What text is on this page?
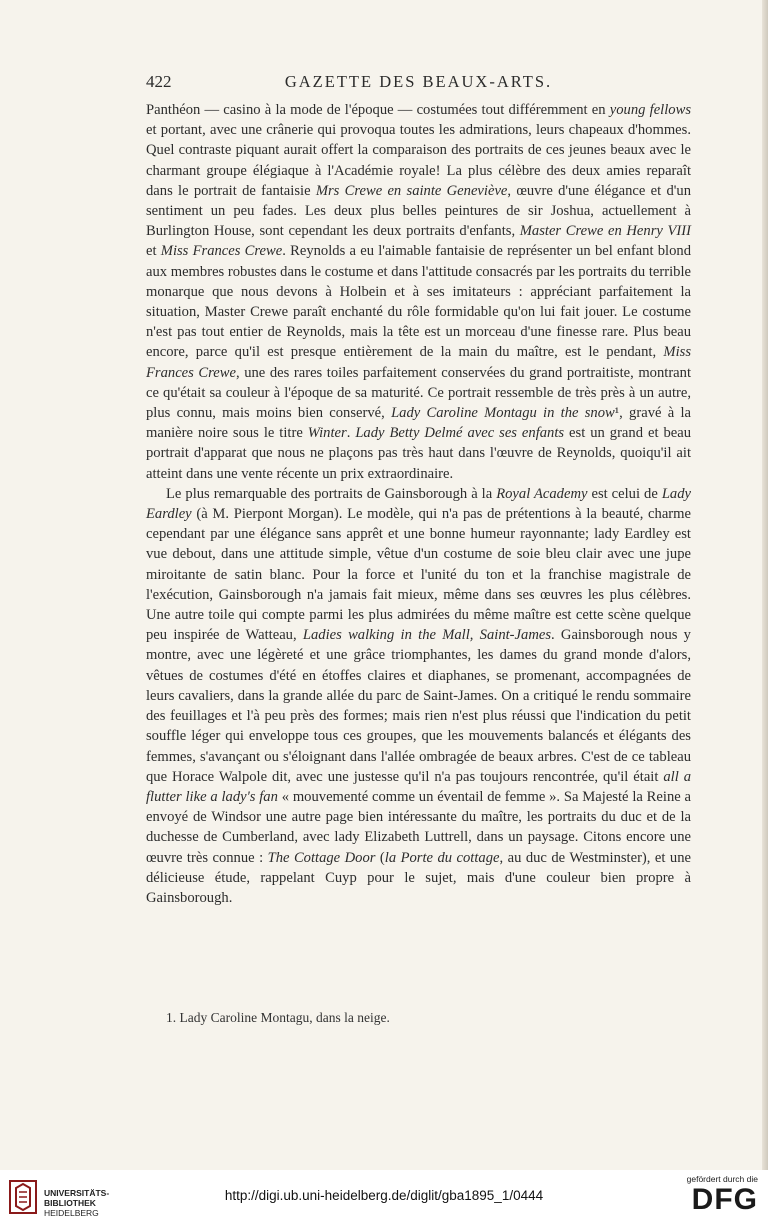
422	GAZETTE DES BEAUX-ARTS.

Panthéon — casino à la mode de l'époque — costumées tout différemment en young fellows et portant, avec une crânerie qui provoqua toutes les admirations, leurs chapeaux d'hommes. Quel contraste piquant aurait offert la comparaison des portraits de ces jeunes beaux avec le charmant groupe élégiaque à l'Académie royale! La plus célèbre des deux amies reparaît dans le portrait de fantaisie Mrs Crewe en sainte Geneviève, œuvre d'une élégance et d'un sentiment un peu fades. Les deux plus belles peintures de sir Joshua, actuellement à Burlington House, sont cependant les deux portraits d'enfants, Master Crewe en Henry VIII et Miss Frances Crewe. Reynolds a eu l'aimable fantaisie de représenter un bel enfant blond aux membres robustes dans le costume et dans l'attitude consacrés par les portraits du terrible monarque que nous devons à Holbein et à ses imitateurs : appréciant parfaitement la situation, Master Crewe paraît enchanté du rôle formidable qu'on lui fait jouer. Le costume n'est pas tout entier de Reynolds, mais la tête est un morceau d'une finesse rare. Plus beau encore, parce qu'il est presque entièrement de la main du maître, est le pendant, Miss Frances Crewe, une des rares toiles parfaitement conservées du grand portraitiste, montrant ce qu'était sa couleur à l'époque de sa maturité. Ce portrait ressemble de très près à un autre, plus connu, mais moins bien conservé, Lady Caroline Montagu in the snow¹, gravé à la manière noire sous le titre Winter. Lady Betty Delmé avec ses enfants est un grand et beau portrait d'apparat que nous ne plaçons pas très haut dans l'œuvre de Reynolds, quoiqu'il ait atteint dans une vente récente un prix extraordinaire.

Le plus remarquable des portraits de Gainsborough à la Royal Academy est celui de Lady Eardley (à M. Pierpont Morgan). Le modèle, qui n'a pas de prétentions à la beauté, charme cependant par une élégance sans apprêt et une bonne humeur rayonnante; lady Eardley est vue debout, dans une attitude simple, vêtue d'un costume de soie bleu clair avec une jupe miroitante de satin blanc. Pour la force et l'unité du ton et la franchise magistrale de l'exécution, Gainsborough n'a jamais fait mieux, même dans ses œuvres les plus célèbres. Une autre toile qui compte parmi les plus admirées du même maître est cette scène quelque peu inspirée de Watteau, Ladies walking in the Mall, Saint-James. Gainsborough nous y montre, avec une légèreté et une grâce triomphantes, les dames du grand monde d'alors, vêtues de costumes d'été en étoffes claires et diaphanes, se promenant, accompagnées de leurs cavaliers, dans la grande allée du parc de Saint-James. On a critiqué le rendu sommaire des feuillages et l'à peu près des formes; mais rien n'est plus réussi que l'indication du petit souffle léger qui enveloppe tous ces groupes, que les mouvements balancés et élégants des femmes, s'avançant ou s'éloignant dans l'allée ombragée de beaux arbres. C'est de ce tableau que Horace Walpole dit, avec une justesse qu'il n'a pas toujours rencontrée, qu'il était all a flutter like a lady's fan « mouvementé comme un éventail de femme ». Sa Majesté la Reine a envoyé de Windsor une autre page bien intéressante du maître, les portraits du duc et de la duchesse de Cumberland, avec lady Elizabeth Luttrell, dans un paysage. Citons encore une œuvre très connue : The Cottage Door (la Porte du cottage, au duc de Westminster), et une délicieuse étude, rappelant Cuyp pour le sujet, mais d'une couleur bien propre à Gainsborough.

1. Lady Caroline Montagu, dans la neige.
UNIVERSITÄTS-
BIBLIOTHEK
HEIDELBERG
http://digi.ub.uni-heidelberg.de/diglit/gba1895_1/0444
gefördert durch die
DFG
